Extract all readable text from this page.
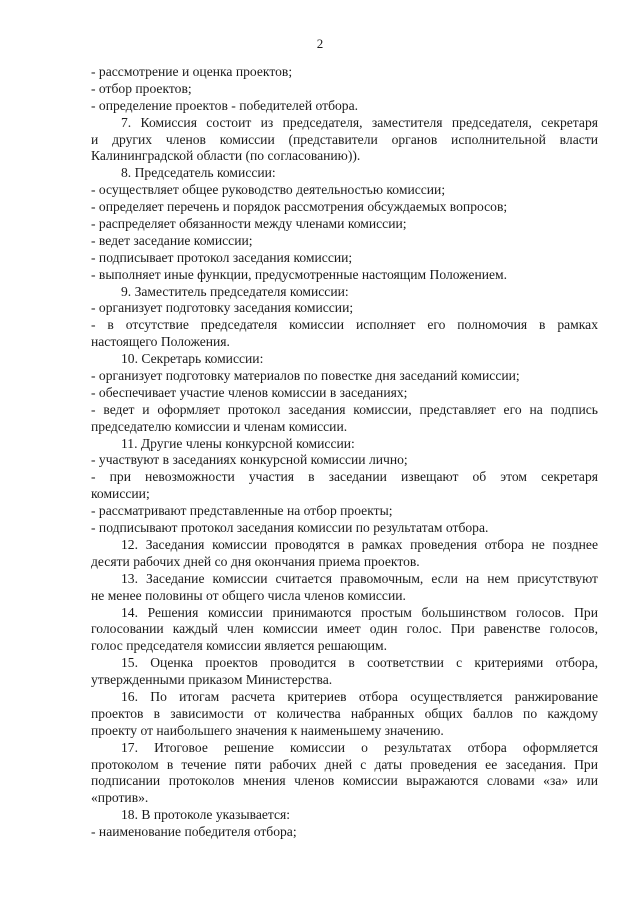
2
- рассмотрение и оценка проектов;
- отбор проектов;
- определение проектов - победителей отбора.
7. Комиссия состоит из председателя, заместителя председателя, секретаря
и других членов комиссии (представители органов исполнительной власти
Калининградской области (по согласованию)).
8. Председатель комиссии:
- осуществляет общее руководство деятельностью комиссии;
- определяет перечень и порядок рассмотрения обсуждаемых вопросов;
- распределяет обязанности между членами комиссии;
- ведет заседание комиссии;
- подписывает протокол заседания комиссии;
- выполняет иные функции, предусмотренные настоящим Положением.
9. Заместитель председателя комиссии:
- организует подготовку заседания комиссии;
- в отсутствие председателя комиссии исполняет его полномочия в рамках
настоящего Положения.
10. Секретарь комиссии:
- организует подготовку материалов по повестке дня заседаний комиссии;
- обеспечивает участие членов комиссии в заседаниях;
- ведет и оформляет протокол заседания комиссии, представляет его на подпись
председателю комиссии и членам комиссии.
11. Другие члены конкурсной комиссии:
- участвуют в заседаниях конкурсной комиссии лично;
- при невозможности участия в заседании извещают об этом секретаря
комиссии;
- рассматривают представленные на отбор проекты;
- подписывают протокол заседания комиссии по результатам отбора.
12. Заседания комиссии проводятся в рамках проведения отбора не позднее
десяти рабочих дней со дня окончания приема проектов.
13. Заседание комиссии считается правомочным, если на нем присутствуют
не менее половины от общего числа членов комиссии.
14. Решения комиссии принимаются простым большинством голосов. При
голосовании каждый член комиссии имеет один голос. При равенстве голосов,
голос председателя комиссии является решающим.
15. Оценка проектов проводится в соответствии с критериями отбора,
утвержденными приказом Министерства.
16. По итогам расчета критериев отбора осуществляется ранжирование
проектов в зависимости от количества набранных общих баллов по каждому
проекту от наибольшего значения к наименьшему значению.
17. Итоговое решение комиссии о результатах отбора оформляется
протоколом в течение пяти рабочих дней с даты проведения ее заседания. При
подписании протоколов мнения членов комиссии выражаются словами «за» или
«против».
18. В протоколе указывается:
- наименование победителя отбора;
